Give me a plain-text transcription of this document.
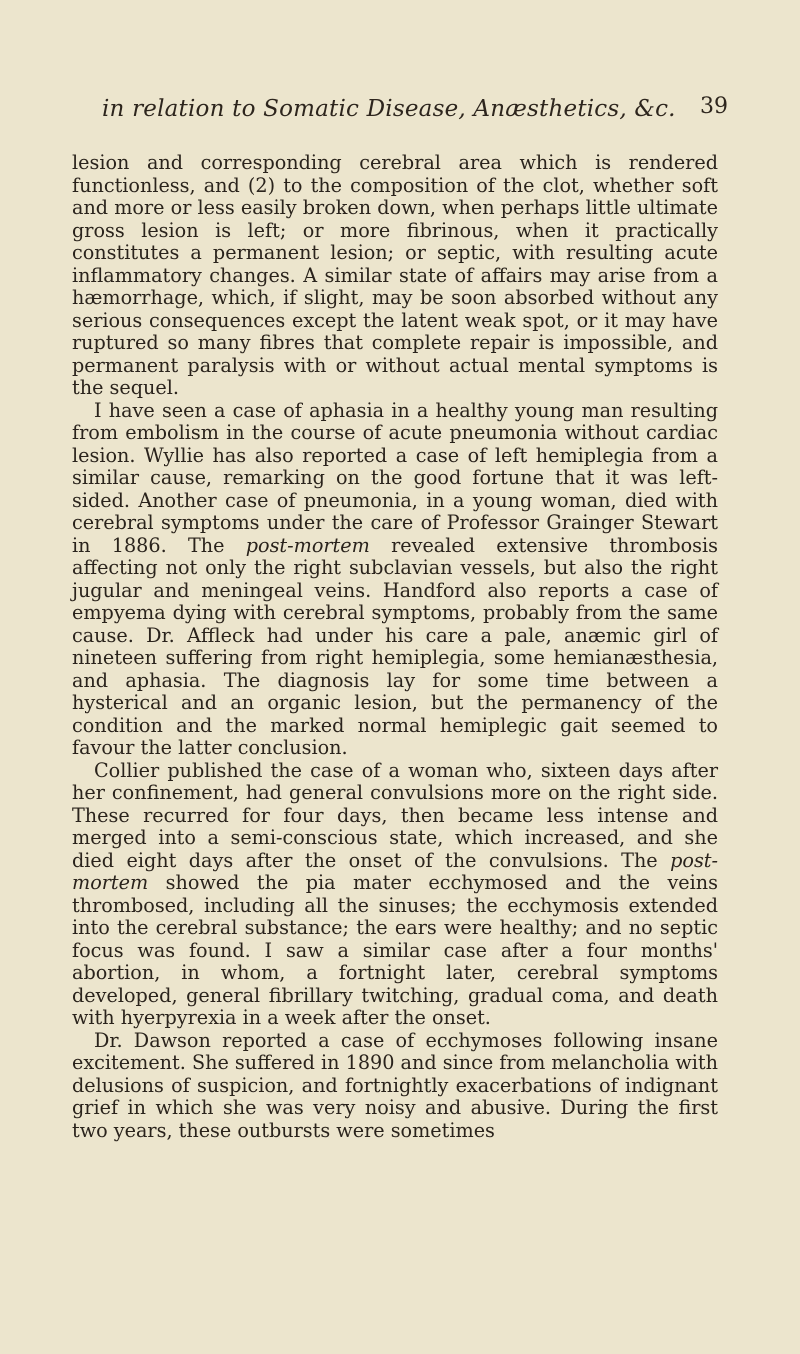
in relation to Somatic Disease, Anæsthetics, &c. 39

lesion and corresponding cerebral area which is rendered functionless, and (2) to the composition of the clot, whether soft and more or less easily broken down, when perhaps little ultimate gross lesion is left; or more fibrinous, when it practically constitutes a permanent lesion; or septic, with resulting acute inflammatory changes. A similar state of affairs may arise from a hæmorrhage, which, if slight, may be soon absorbed without any serious consequences except the latent weak spot, or it may have ruptured so many fibres that complete repair is impossible, and permanent paralysis with or without actual mental symptoms is the sequel.

I have seen a case of aphasia in a healthy young man resulting from embolism in the course of acute pneumonia without cardiac lesion. Wyllie has also reported a case of left hemiplegia from a similar cause, remarking on the good fortune that it was left-sided. Another case of pneumonia, in a young woman, died with cerebral symptoms under the care of Professor Grainger Stewart in 1886. The post-mortem revealed extensive thrombosis affecting not only the right subclavian vessels, but also the right jugular and meningeal veins. Handford also reports a case of empyema dying with cerebral symptoms, probably from the same cause. Dr. Affleck had under his care a pale, anæmic girl of nineteen suffering from right hemiplegia, some hemianæsthesia, and aphasia. The diagnosis lay for some time between a hysterical and an organic lesion, but the permanency of the condition and the marked normal hemiplegic gait seemed to favour the latter conclusion.

Collier published the case of a woman who, sixteen days after her confinement, had general convulsions more on the right side. These recurred for four days, then became less intense and merged into a semi-conscious state, which increased, and she died eight days after the onset of the convulsions. The post-mortem showed the pia mater ecchymosed and the veins thrombosed, including all the sinuses; the ecchymosis extended into the cerebral substance; the ears were healthy; and no septic focus was found. I saw a similar case after a four months' abortion, in whom, a fortnight later, cerebral symptoms developed, general fibrillary twitching, gradual coma, and death with hyerpyrexia in a week after the onset.

Dr. Dawson reported a case of ecchymoses following insane excitement. She suffered in 1890 and since from melancholia with delusions of suspicion, and fortnightly exacerbations of indignant grief in which she was very noisy and abusive. During the first two years, these outbursts were sometimes
